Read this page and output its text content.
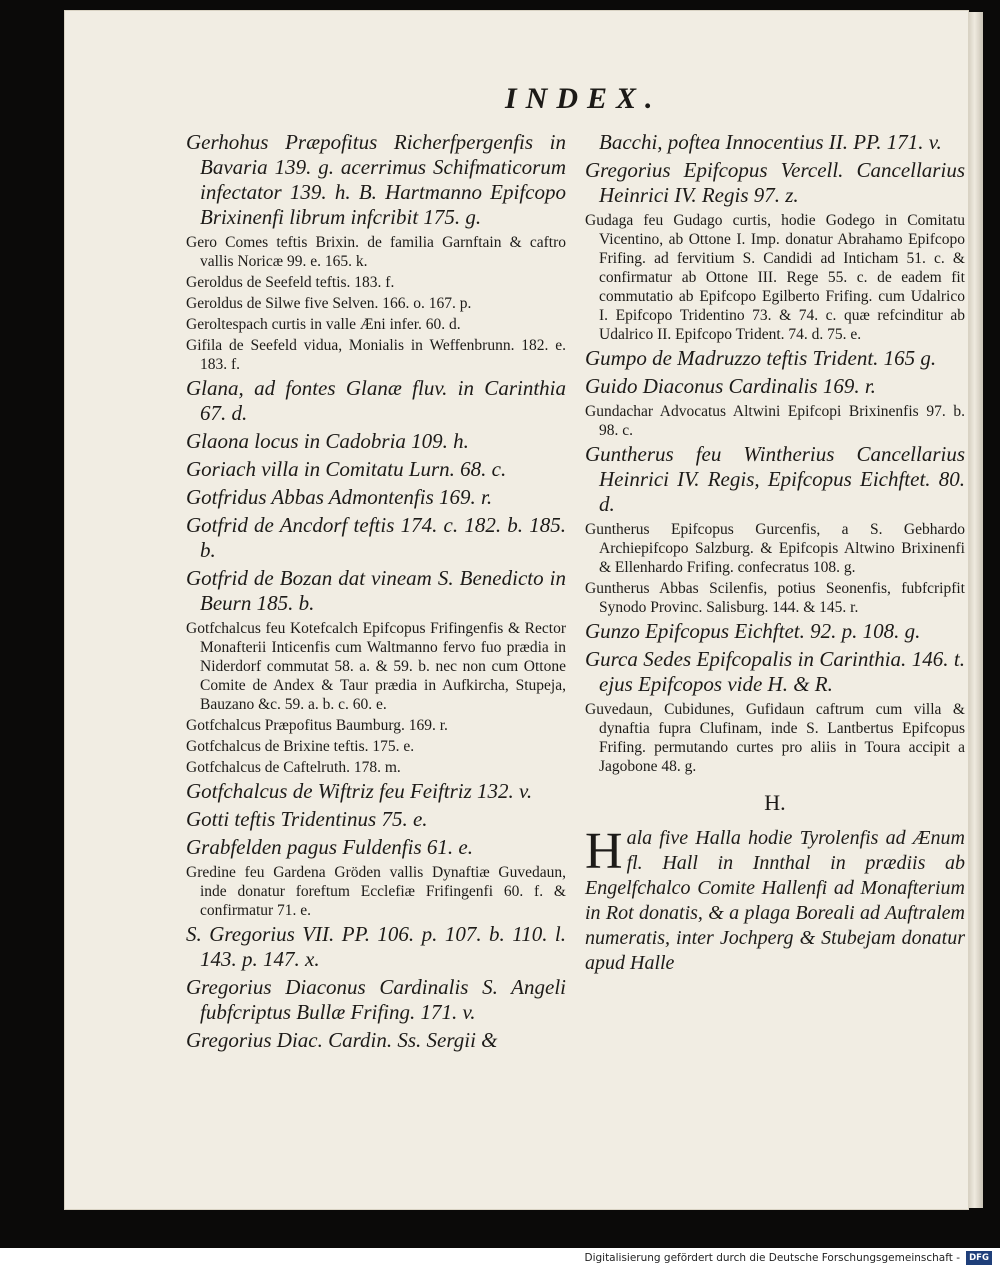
INDEX.
Gerhohus Præpofitus Richerfpergenfis in Bavaria 139. g. acerrimus Schifmaticorum infectator 139. h. B. Hartmanno Epifcopo Brixinenfi librum infcribit 175. g.
Gero Comes teftis Brixin. de familia Garnftain & caftro vallis Noricæ 99. e. 165. k.
Geroldus de Seefeld teftis. 183. f.
Geroldus de Silwe five Selven. 166. o. 167. p.
Geroltespach curtis in valle Æni infer. 60. d.
Gifila de Seefeld vidua, Monialis in Weffenbrunn. 182. e. 183. f.
Glana, ad fontes Glanæ fluv. in Carinthia 67. d.
Glaona locus in Cadobria 109. h.
Goriach villa in Comitatu Lurn. 68. c.
Gotfridus Abbas Admontenfis 169. r.
Gotfrid de Ancdorf teftis 174. c. 182. b. 185. b.
Gotfrid de Bozan dat vineam S. Benedicto in Beurn 185. b.
Gotfchalcus feu Kotefcalch Epifcopus Frifingenfis & Rector Monafterii Inticenfis cum Waltmanno fervo fuo prædia in Niderdorf commutat 58. a. & 59. b. nec non cum Ottone Comite de Andex & Taur prædia in Aufkircha, Stupeja, Bauzano &c. 59. a. b. c. 60. e.
Gotfchalcus Præpofitus Baumburg. 169. r.
Gotfchalcus de Brixine teftis. 175. e.
Gotfchalcus de Caftelruth. 178. m.
Gotfchalcus de Wiftriz feu Feiftriz 132. v.
Gotti teftis Tridentinus 75. e.
Grabfelden pagus Fuldenfis 61. e.
Gredine feu Gardena Gröden vallis Dynaftiæ Guvedaun, inde donatur foreftum Ecclefiæ Frifingenfi 60. f. & confirmatur 71. e.
S. Gregorius VII. PP. 106. p. 107. b. 110. l. 143. p. 147. x.
Gregorius Diaconus Cardinalis S. Angeli fubfcriptus Bullæ Frifing. 171. v.
Gregorius Diac. Cardin. Ss. Sergii &
Bacchi, poftea Innocentius II. PP. 171. v.
Gregorius Epifcopus Vercell. Cancellarius Heinrici IV. Regis 97. z.
Gudaga feu Gudago curtis, hodie Godego in Comitatu Vicentino, ab Ottone I. Imp. donatur Abrahamo Epifcopo Frifing. ad fervitium S. Candidi ad Inticham 51. c. & confirmatur ab Ottone III. Rege 55. c. de eadem fit commutatio ab Epifcopo Egilberto Frifing. cum Udalrico I. Epifcopo Tridentino 73. & 74. c. quæ refcinditur ab Udalrico II. Epifcopo Trident. 74. d. 75. e.
Gumpo de Madruzzo teftis Trident. 165 g.
Guido Diaconus Cardinalis 169. r.
Gundachar Advocatus Altwini Epifcopi Brixinenfis 97. b. 98. c.
Guntherus feu Wintherius Cancellarius Heinrici IV. Regis, Epifcopus Eichftet. 80. d.
Guntherus Epifcopus Gurcenfis, a S. Gebhardo Archiepifcopo Salzburg. & Epifcopis Altwino Brixinenfi & Ellenhardo Frifing. confecratus 108. g.
Guntherus Abbas Scilenfis, potius Seonenfis, fubfcripfit Synodo Provinc. Salisburg. 144. & 145. r.
Gunzo Epifcopus Eichftet. 92. p. 108. g.
Gurca Sedes Epifcopalis in Carinthia. 146. t. ejus Epifcopos vide H. & R.
Guvedaun, Cubidunes, Gufidaun caftrum cum villa & dynaftia fupra Clufinam, inde S. Lantbertus Epifcopus Frifing. permutando curtes pro aliis in Toura accipit a Jagobone 48. g.
H.
H ala five Halla hodie Tyrolenfis ad Ænum fl. Hall in Innthal in prædiis ab Engelfchalco Comite Hallenfi ad Monafterium in Rot donatis, & a plaga Boreali ad Auftralem numeratis, inter Jochperg & Stubejam donatur apud Halle
Digitalisierung gefördert durch die Deutsche Forschungsgemeinschaft -	DFG
